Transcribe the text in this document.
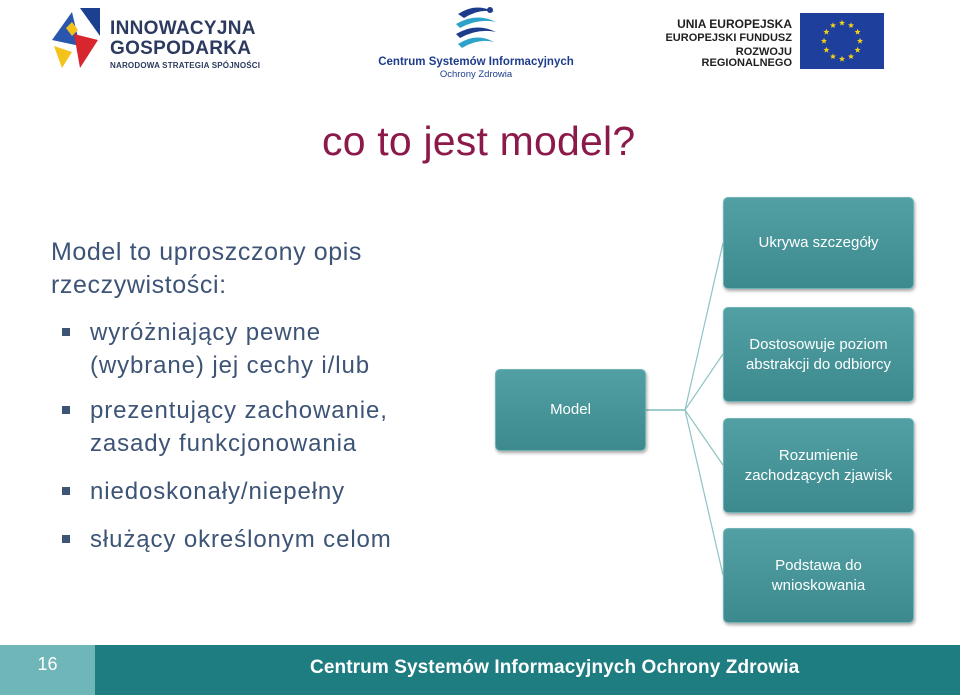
INNOWACYJNA
GOSPODARKA
NARODOWA STRATEGIA SPÓJNOŚCI	Centrum Systemów Informacyjnych
Ochrony Zdrowia
UNIA EUROPEJSKA
EUROPEJSKI FUNDUSZ
ROZWOJU REGIONALNEGO
co to jest model?

Model to uproszczony opis
rzeczywistości:

wyróżniający pewne
(wybrane) jej cechy i/lub
prezentujący zachowanie,
zasady funkcjonowania
niedoskonały/niepełny
służący określonym celom
Model
Ukrywa szczegóły
Dostosowuje poziom
abstrakcji do odbiorcy
Rozumienie
zachodzących zjawisk
Podstawa do
wnioskowania
16	Centrum Systemów Informacyjnych Ochrony Zdrowia
